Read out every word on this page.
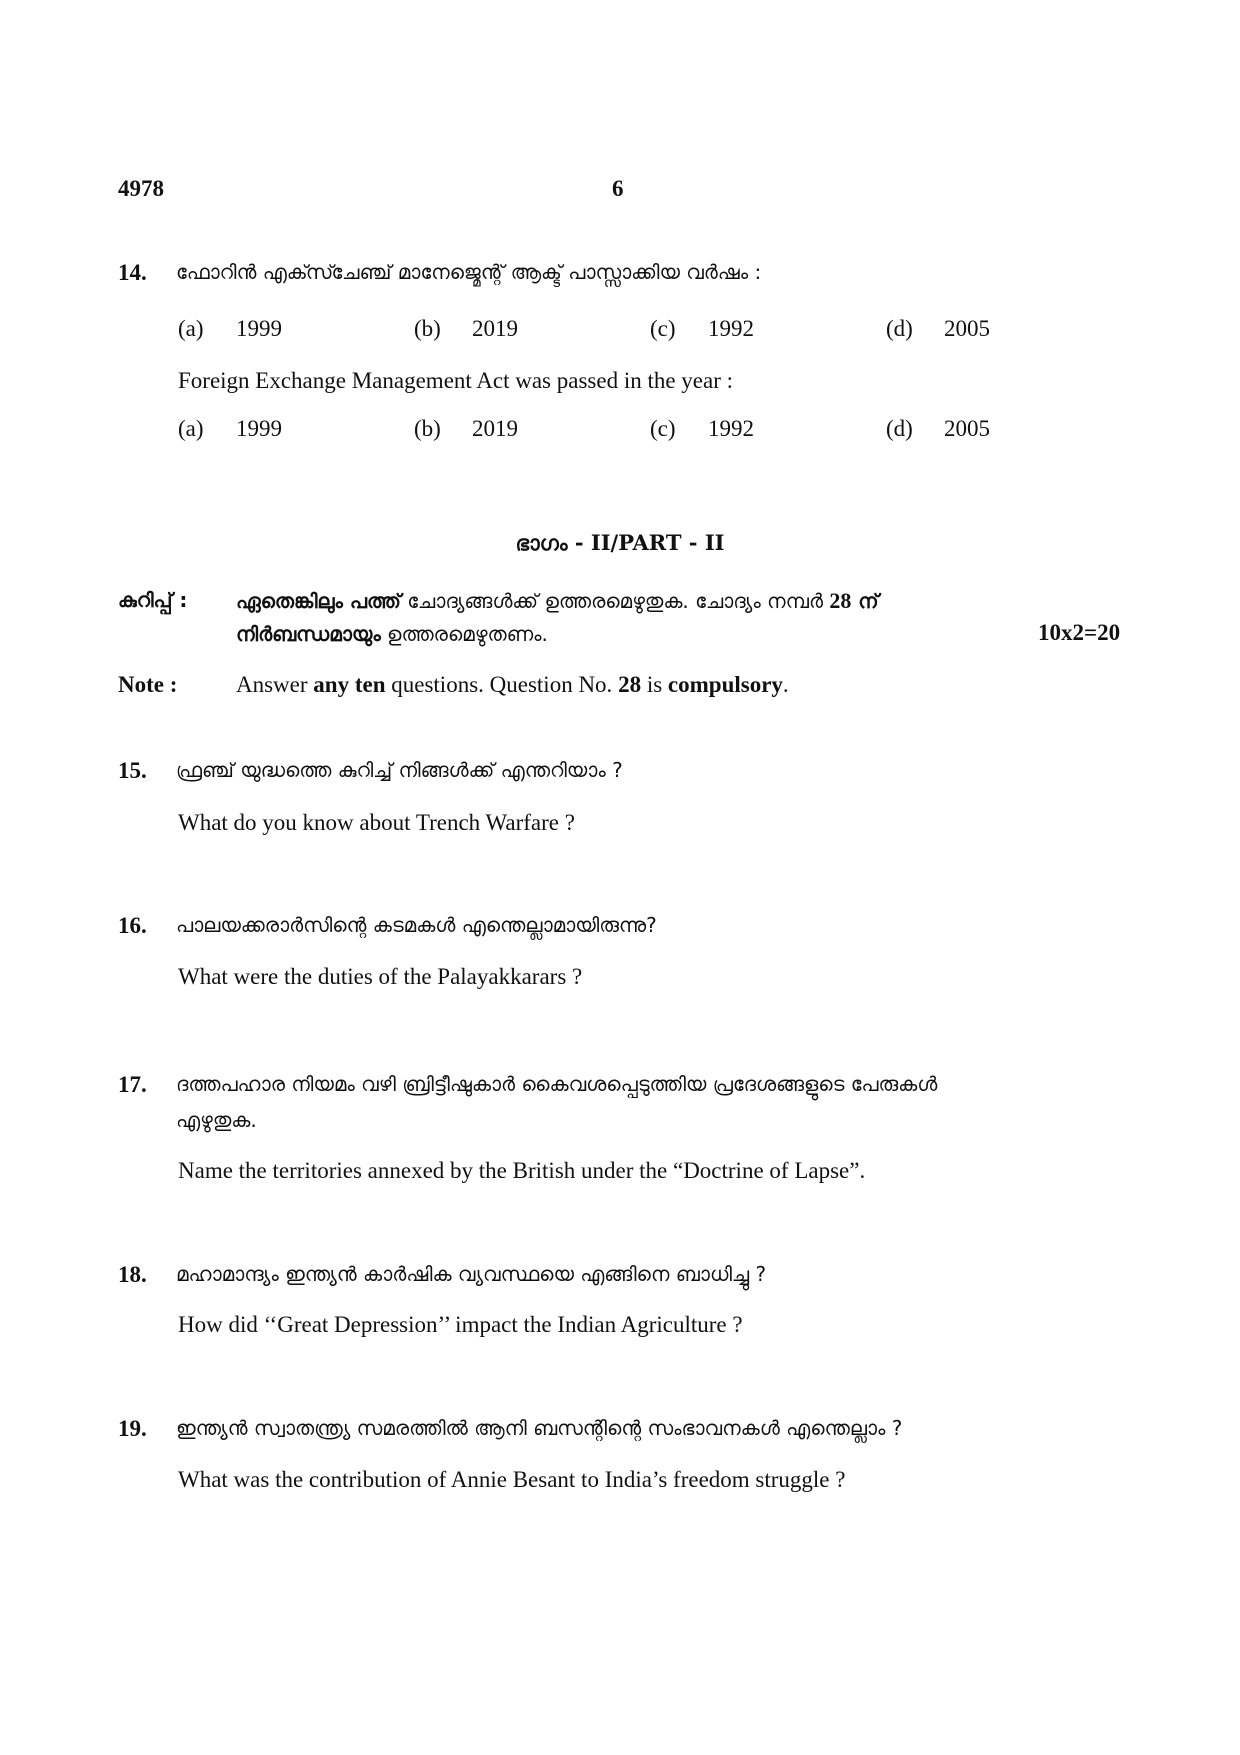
4978	6
14. ഫോറിൻ എക്സ്ചേഞ്ച് മാനേജ്മെന്റ് ആക്ട് പാസ്സാക്കിയ വർഷം :
(a) 1999	(b) 2019	(c) 1992	(d) 2005
Foreign Exchange Management Act was passed in the year :
(a) 1999	(b) 2019	(c) 1992	(d) 2005
ഭാഗം - II/PART - II
കുറിപ്പ് : ഏതെങ്കിലും പത്ത് ചോദ്യങ്ങൾക്ക് ഉത്തരമെഴുതുക. ചോദ്യം നമ്പർ 28 ന്
നിർബന്ധമായും ഉത്തരമെഴുതണം.	10x2=20
Note :	Answer any ten questions. Question No. 28 is compulsory.
15. ഫ്രഞ്ച് യുദ്ധത്തെ കുറിച്ച് നിങ്ങൾക്ക് എന്തറിയാം ?
What do you know about Trench Warfare ?
16. പാലയക്കരാർസിന്റെ കടമകൾ എന്തെല്ലാമായിരുന്നു?
What were the duties of the Palayakkarars ?
17. ദത്തപഹാര നിയമം വഴി ബ്രിട്ടീഷുകാർ കൈവശപ്പെടുത്തിയ പ്രദേശങ്ങളുടെ പേരുകൾ
എഴുതുക.
Name the territories annexed by the British under the “Doctrine of Lapse”.
18. മഹാമാന്ദ്യം ഇന്ത്യൻ കാർഷിക വ്യവസ്ഥയെ എങ്ങിനെ ബാധിച്ചു ?
How did ‘‘Great Depression’’ impact the Indian Agriculture ?
19. ഇന്ത്യൻ സ്വാതന്ത്ര്യ സമരത്തിൽ ആനി ബസന്റിന്റെ സംഭാവനകൾ എന്തെല്ലാം ?
What was the contribution of Annie Besant to India’s freedom struggle ?
